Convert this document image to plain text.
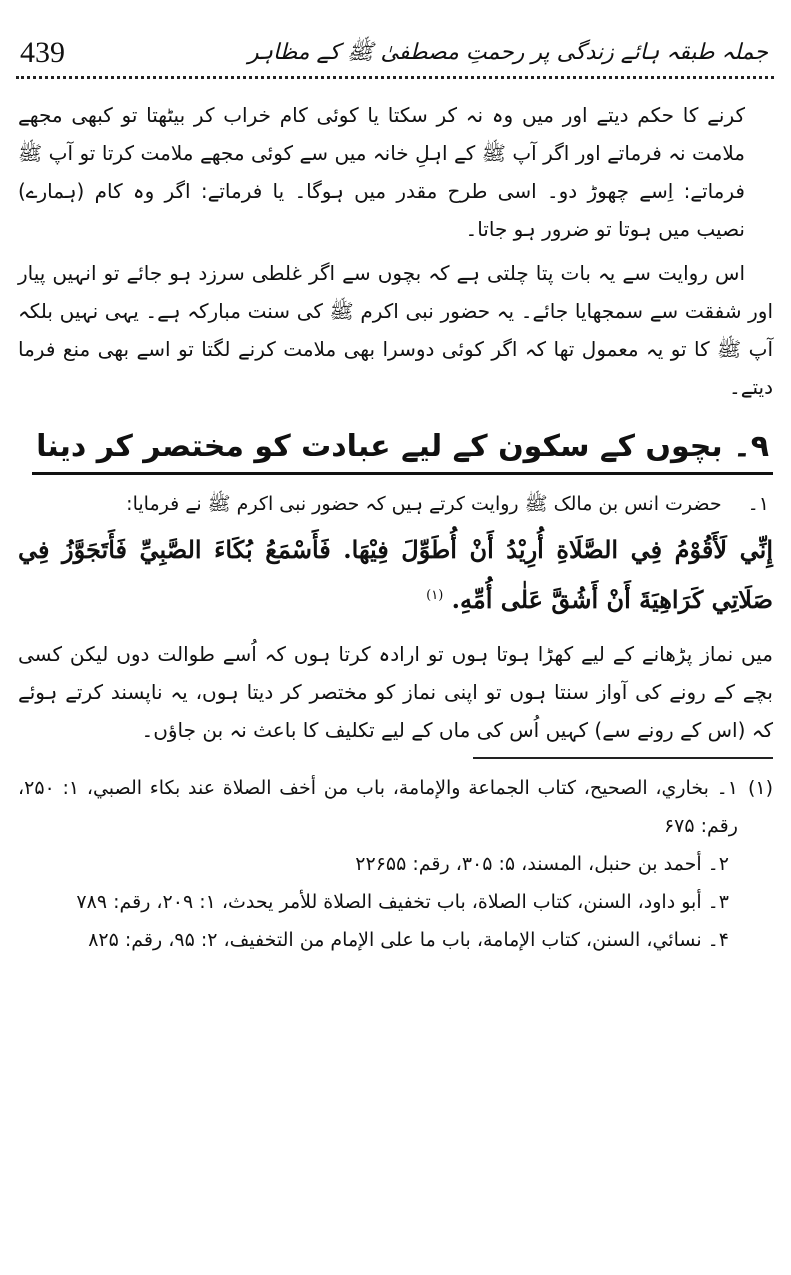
439	جملہ طبقہ ہائے زندگی پر رحمتِ مصطفیٰ ﷺ کے مظاہر

کرنے کا حکم دیتے اور میں وہ نہ کر سکتا یا کوئی کام خراب کر بیٹھتا تو کبھی مجھے ملامت نہ فرماتے اور اگر آپ ﷺ کے اہلِ خانہ میں سے کوئی مجھے ملامت کرتا تو آپ ﷺ فرماتے: اِسے چھوڑ دو۔ اسی طرح مقدر میں ہوگا۔ یا فرماتے: اگر وہ کام (ہمارے) نصیب میں ہوتا تو ضرور ہو جاتا۔

اس روایت سے یہ بات پتا چلتی ہے کہ بچوں سے اگر غلطی سرزد ہو جائے تو انہیں پیار اور شفقت سے سمجھایا جائے۔ یہ حضور نبی اکرم ﷺ کی سنت مبارکہ ہے۔ یہی نہیں بلکہ آپ ﷺ کا تو یہ معمول تھا کہ اگر کوئی دوسرا بھی ملامت کرنے لگتا تو اسے بھی منع فرما دیتے۔

۹۔ بچوں کے سکون کے لیے عبادت کو مختصر کر دینا
۱۔
حضرت انس بن مالک ﷺ روایت کرتے ہیں کہ حضور نبی اکرم ﷺ نے فرمایا:

إِنِّي لَأَقُوْمُ فِي الصَّلَاةِ أُرِيْدُ أَنْ أُطَوِّلَ فِيْهَا. فَأَسْمَعُ بُكَاءَ الصَّبِيِّ فَأَتَجَوَّزُ فِي صَلَاتِي كَرَاهِيَةَ أَنْ أَشُقَّ عَلٰى أُمِّهِ. $^{(۱)}$

میں نماز پڑھانے کے لیے کھڑا ہوتا ہوں تو ارادہ کرتا ہوں کہ اُسے طوالت دوں لیکن کسی بچے کے رونے کی آواز سنتا ہوں تو اپنی نماز کو مختصر کر دیتا ہوں، یہ ناپسند کرتے ہوئے کہ (اس کے رونے سے) کہیں اُس کی ماں کے لیے تکلیف کا باعث نہ بن جاؤں۔

(۱)
۱۔ بخاري، الصحيح، كتاب الجماعة والإمامة، باب من أخف الصلاة عند بكاء الصبي، ۱: ۲۵۰، رقم: ۶۷۵
۲۔ أحمد بن حنبل، المسند، ۵: ۳۰۵، رقم: ۲۲۶۵۵
۳۔ أبو داود، السنن، كتاب الصلاة، باب تخفيف الصلاة للأمر يحدث، ۱: ۲۰۹، رقم: ۷۸۹
۴۔ نسائي، السنن، كتاب الإمامة، باب ما على الإمام من التخفيف، ۲: ۹۵، رقم: ۸۲۵
